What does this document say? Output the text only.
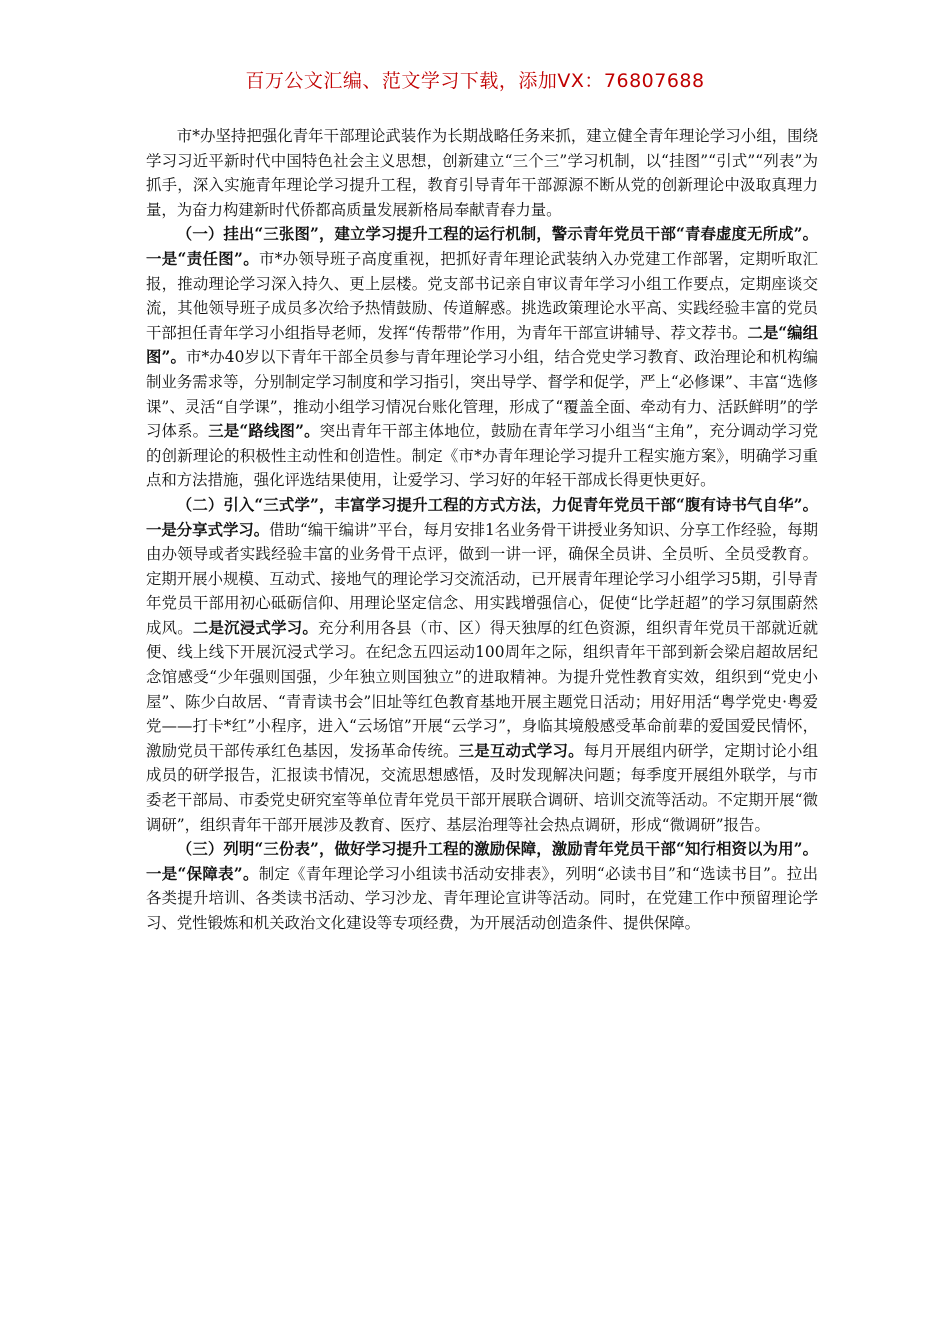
百万公文汇编、范文学习下载，添加VX：76807688

市*办坚持把强化青年干部理论武装作为长期战略任务来抓，建立健全青年理论学习小组，围绕学习习近平新时代中国特色社会主义思想，创新建立“三个三”学习机制，以“挂图”“引式”“列表”为抓手，深入实施青年理论学习提升工程，教育引导青年干部源源不断从党的创新理论中汲取真理力量，为奋力构建新时代侨都高质量发展新格局奉献青春力量。

（一）挂出“三张图”，建立学习提升工程的运行机制，警示青年党员干部“青春虚度无所成”。一是“责任图”。市*办领导班子高度重视，把抓好青年理论武装纳入办党建工作部署，定期听取汇报，推动理论学习深入持久、更上层楼。党支部书记亲自审议青年学习小组工作要点，定期座谈交流，其他领导班子成员多次给予热情鼓励、传道解惑。挑选政策理论水平高、实践经验丰富的党员干部担任青年学习小组指导老师，发挥“传帮带”作用，为青年干部宣讲辅导、荐文荐书。二是“编组图”。市*办40岁以下青年干部全员参与青年理论学习小组，结合党史学习教育、政治理论和机构编制业务需求等，分别制定学习制度和学习指引，突出导学、督学和促学，严上“必修课”、丰富“选修课”、灵活“自学课”，推动小组学习情况台账化管理，形成了“覆盖全面、牵动有力、活跃鲜明”的学习体系。三是“路线图”。突出青年干部主体地位，鼓励在青年学习小组当“主角”，充分调动学习党的创新理论的积极性主动性和创造性。制定《市*办青年理论学习提升工程实施方案》，明确学习重点和方法措施，强化评选结果使用，让爱学习、学习好的年轻干部成长得更快更好。

（二）引入“三式学”，丰富学习提升工程的方式方法，力促青年党员干部“腹有诗书气自华”。一是分享式学习。借助“编干编讲”平台，每月安排1名业务骨干讲授业务知识、分享工作经验，每期由办领导或者实践经验丰富的业务骨干点评，做到一讲一评，确保全员讲、全员听、全员受教育。定期开展小规模、互动式、接地气的理论学习交流活动，已开展青年理论学习小组学习5期，引导青年党员干部用初心砥砺信仰、用理论坚定信念、用实践增强信心，促使“比学赶超”的学习氛围蔚然成风。二是沉浸式学习。充分利用各县（市、区）得天独厚的红色资源，组织青年党员干部就近就便、线上线下开展沉浸式学习。在纪念五四运动100周年之际，组织青年干部到新会梁启超故居纪念馆感受“少年强则国强，少年独立则国独立”的进取精神。为提升党性教育实效，组织到“党史小屋”、陈少白故居、“青青读书会”旧址等红色教育基地开展主题党日活动；用好用活“粤学党史·粤爱党——打卡*红”小程序，进入“云场馆”开展“云学习”，身临其境般感受革命前辈的爱国爱民情怀，激励党员干部传承红色基因，发扬革命传统。三是互动式学习。每月开展组内研学，定期讨论小组成员的研学报告，汇报读书情况，交流思想感悟，及时发现解决问题；每季度开展组外联学，与市委老干部局、市委党史研究室等单位青年党员干部开展联合调研、培训交流等活动。不定期开展“微调研”，组织青年干部开展涉及教育、医疗、基层治理等社会热点调研，形成“微调研”报告。

（三）列明“三份表”，做好学习提升工程的激励保障，激励青年党员干部“知行相资以为用”。一是“保障表”。制定《青年理论学习小组读书活动安排表》，列明“必读书目”和“选读书目”。拉出各类提升培训、各类读书活动、学习沙龙、青年理论宣讲等活动。同时，在党建工作中预留理论学习、党性锻炼和机关政治文化建设等专项经费，为开展活动创造条件、提供保障。
